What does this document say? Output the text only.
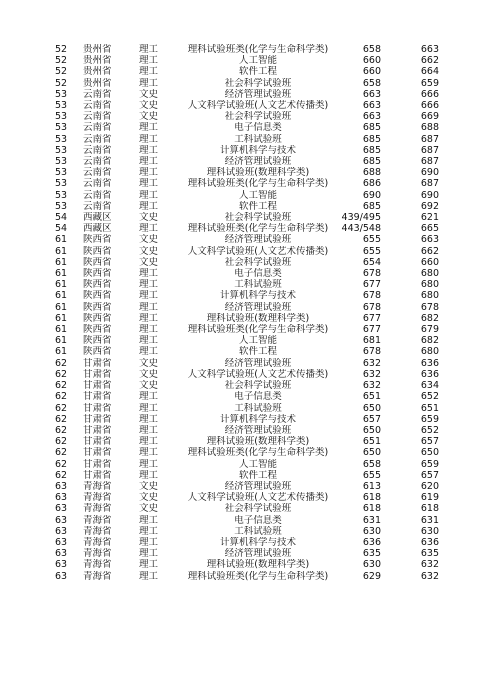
52	贵州省	理工	理科试验班类(化学与生命科学类)	658	663
52	贵州省	理工	人工智能	660	662
52	贵州省	理工	软件工程	660	664
52	贵州省	理工	社会科学试验班	658	659
53	云南省	文史	经济管理试验班	663	666
53	云南省	文史	人文科学试验班(人文艺术传播类)	663	666
53	云南省	文史	社会科学试验班	663	669
53	云南省	理工	电子信息类	685	688
53	云南省	理工	工科试验班	685	687
53	云南省	理工	计算机科学与技术	685	687
53	云南省	理工	经济管理试验班	685	687
53	云南省	理工	理科试验班(数理科学类)	688	690
53	云南省	理工	理科试验班类(化学与生命科学类)	686	687
53	云南省	理工	人工智能	690	690
53	云南省	理工	软件工程	685	692
54	西藏区	文史	社会科学试验班	439/495	621
54	西藏区	理工	理科试验班类(化学与生命科学类)	443/548	665
61	陕西省	文史	经济管理试验班	655	663
61	陕西省	文史	人文科学试验班(人文艺术传播类)	655	662
61	陕西省	文史	社会科学试验班	654	660
61	陕西省	理工	电子信息类	678	680
61	陕西省	理工	工科试验班	677	680
61	陕西省	理工	计算机科学与技术	678	680
61	陕西省	理工	经济管理试验班	678	678
61	陕西省	理工	理科试验班(数理科学类)	677	682
61	陕西省	理工	理科试验班类(化学与生命科学类)	677	679
61	陕西省	理工	人工智能	681	682
61	陕西省	理工	软件工程	678	680
62	甘肃省	文史	经济管理试验班	632	636
62	甘肃省	文史	人文科学试验班(人文艺术传播类)	632	636
62	甘肃省	文史	社会科学试验班	632	634
62	甘肃省	理工	电子信息类	651	652
62	甘肃省	理工	工科试验班	650	651
62	甘肃省	理工	计算机科学与技术	657	659
62	甘肃省	理工	经济管理试验班	650	652
62	甘肃省	理工	理科试验班(数理科学类)	651	657
62	甘肃省	理工	理科试验班类(化学与生命科学类)	650	650
62	甘肃省	理工	人工智能	658	659
62	甘肃省	理工	软件工程	655	657
63	青海省	文史	经济管理试验班	613	620
63	青海省	文史	人文科学试验班(人文艺术传播类)	618	619
63	青海省	文史	社会科学试验班	618	618
63	青海省	理工	电子信息类	631	631
63	青海省	理工	工科试验班	630	630
63	青海省	理工	计算机科学与技术	636	636
63	青海省	理工	经济管理试验班	635	635
63	青海省	理工	理科试验班(数理科学类)	630	632
63	青海省	理工	理科试验班类(化学与生命科学类)	629	632
